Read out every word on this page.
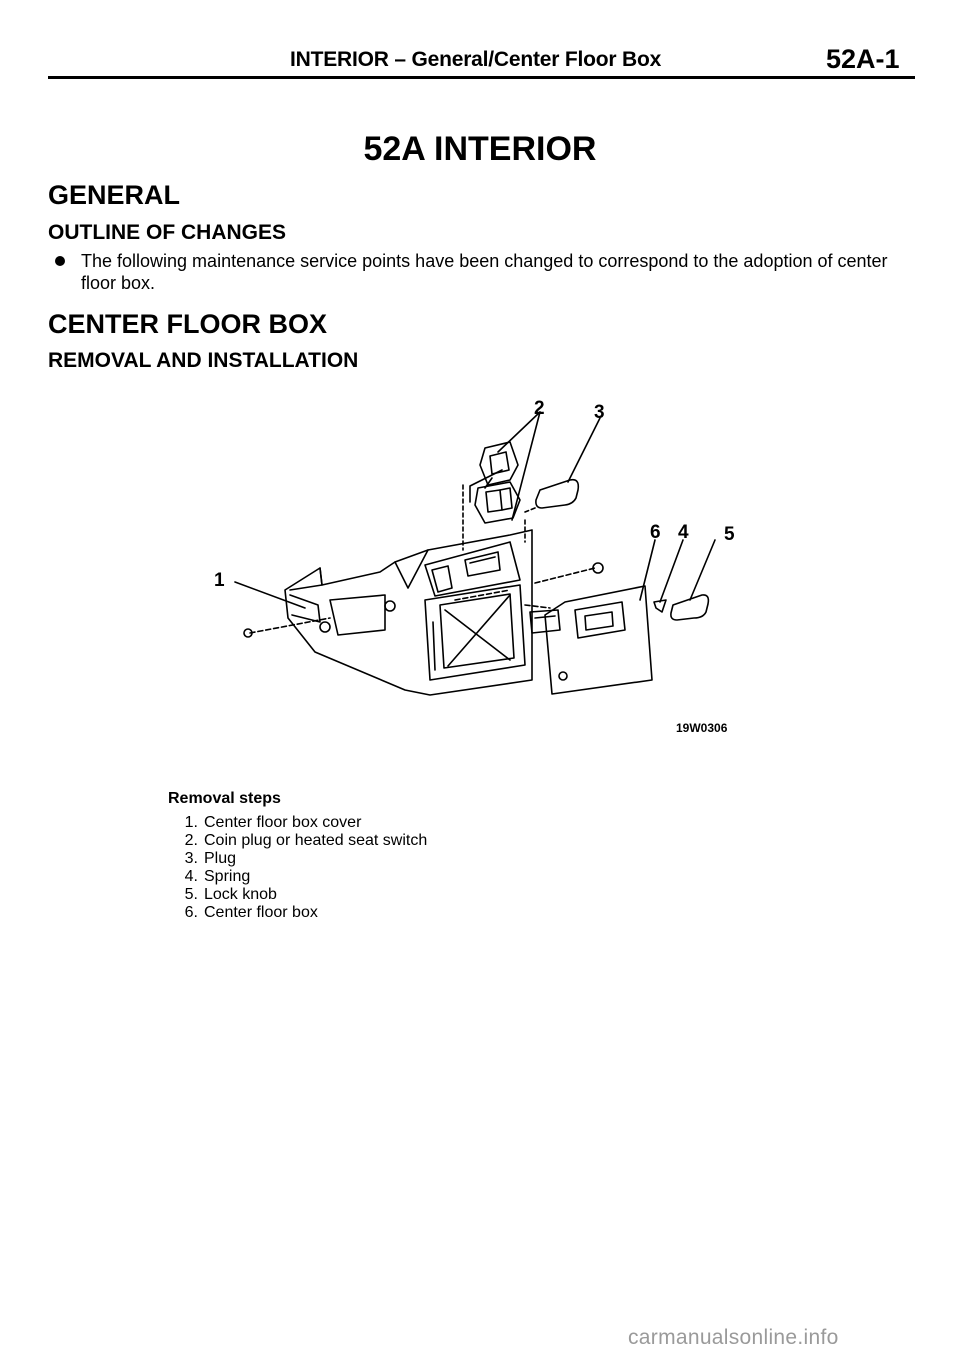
INTERIOR – General/Center Floor Box	52A-1
52A INTERIOR
GENERAL
OUTLINE OF CHANGES
The following maintenance service points have been changed to correspond to the adoption of center floor box.
CENTER FLOOR BOX
REMOVAL AND INSTALLATION
1
2	3
4 5
6
19W0306
Removal steps
1. Center floor box cover
2. Coin plug or heated seat switch
3. Plug
4. Spring
5. Lock knob
6. Center floor box
carmanualsonline.info
